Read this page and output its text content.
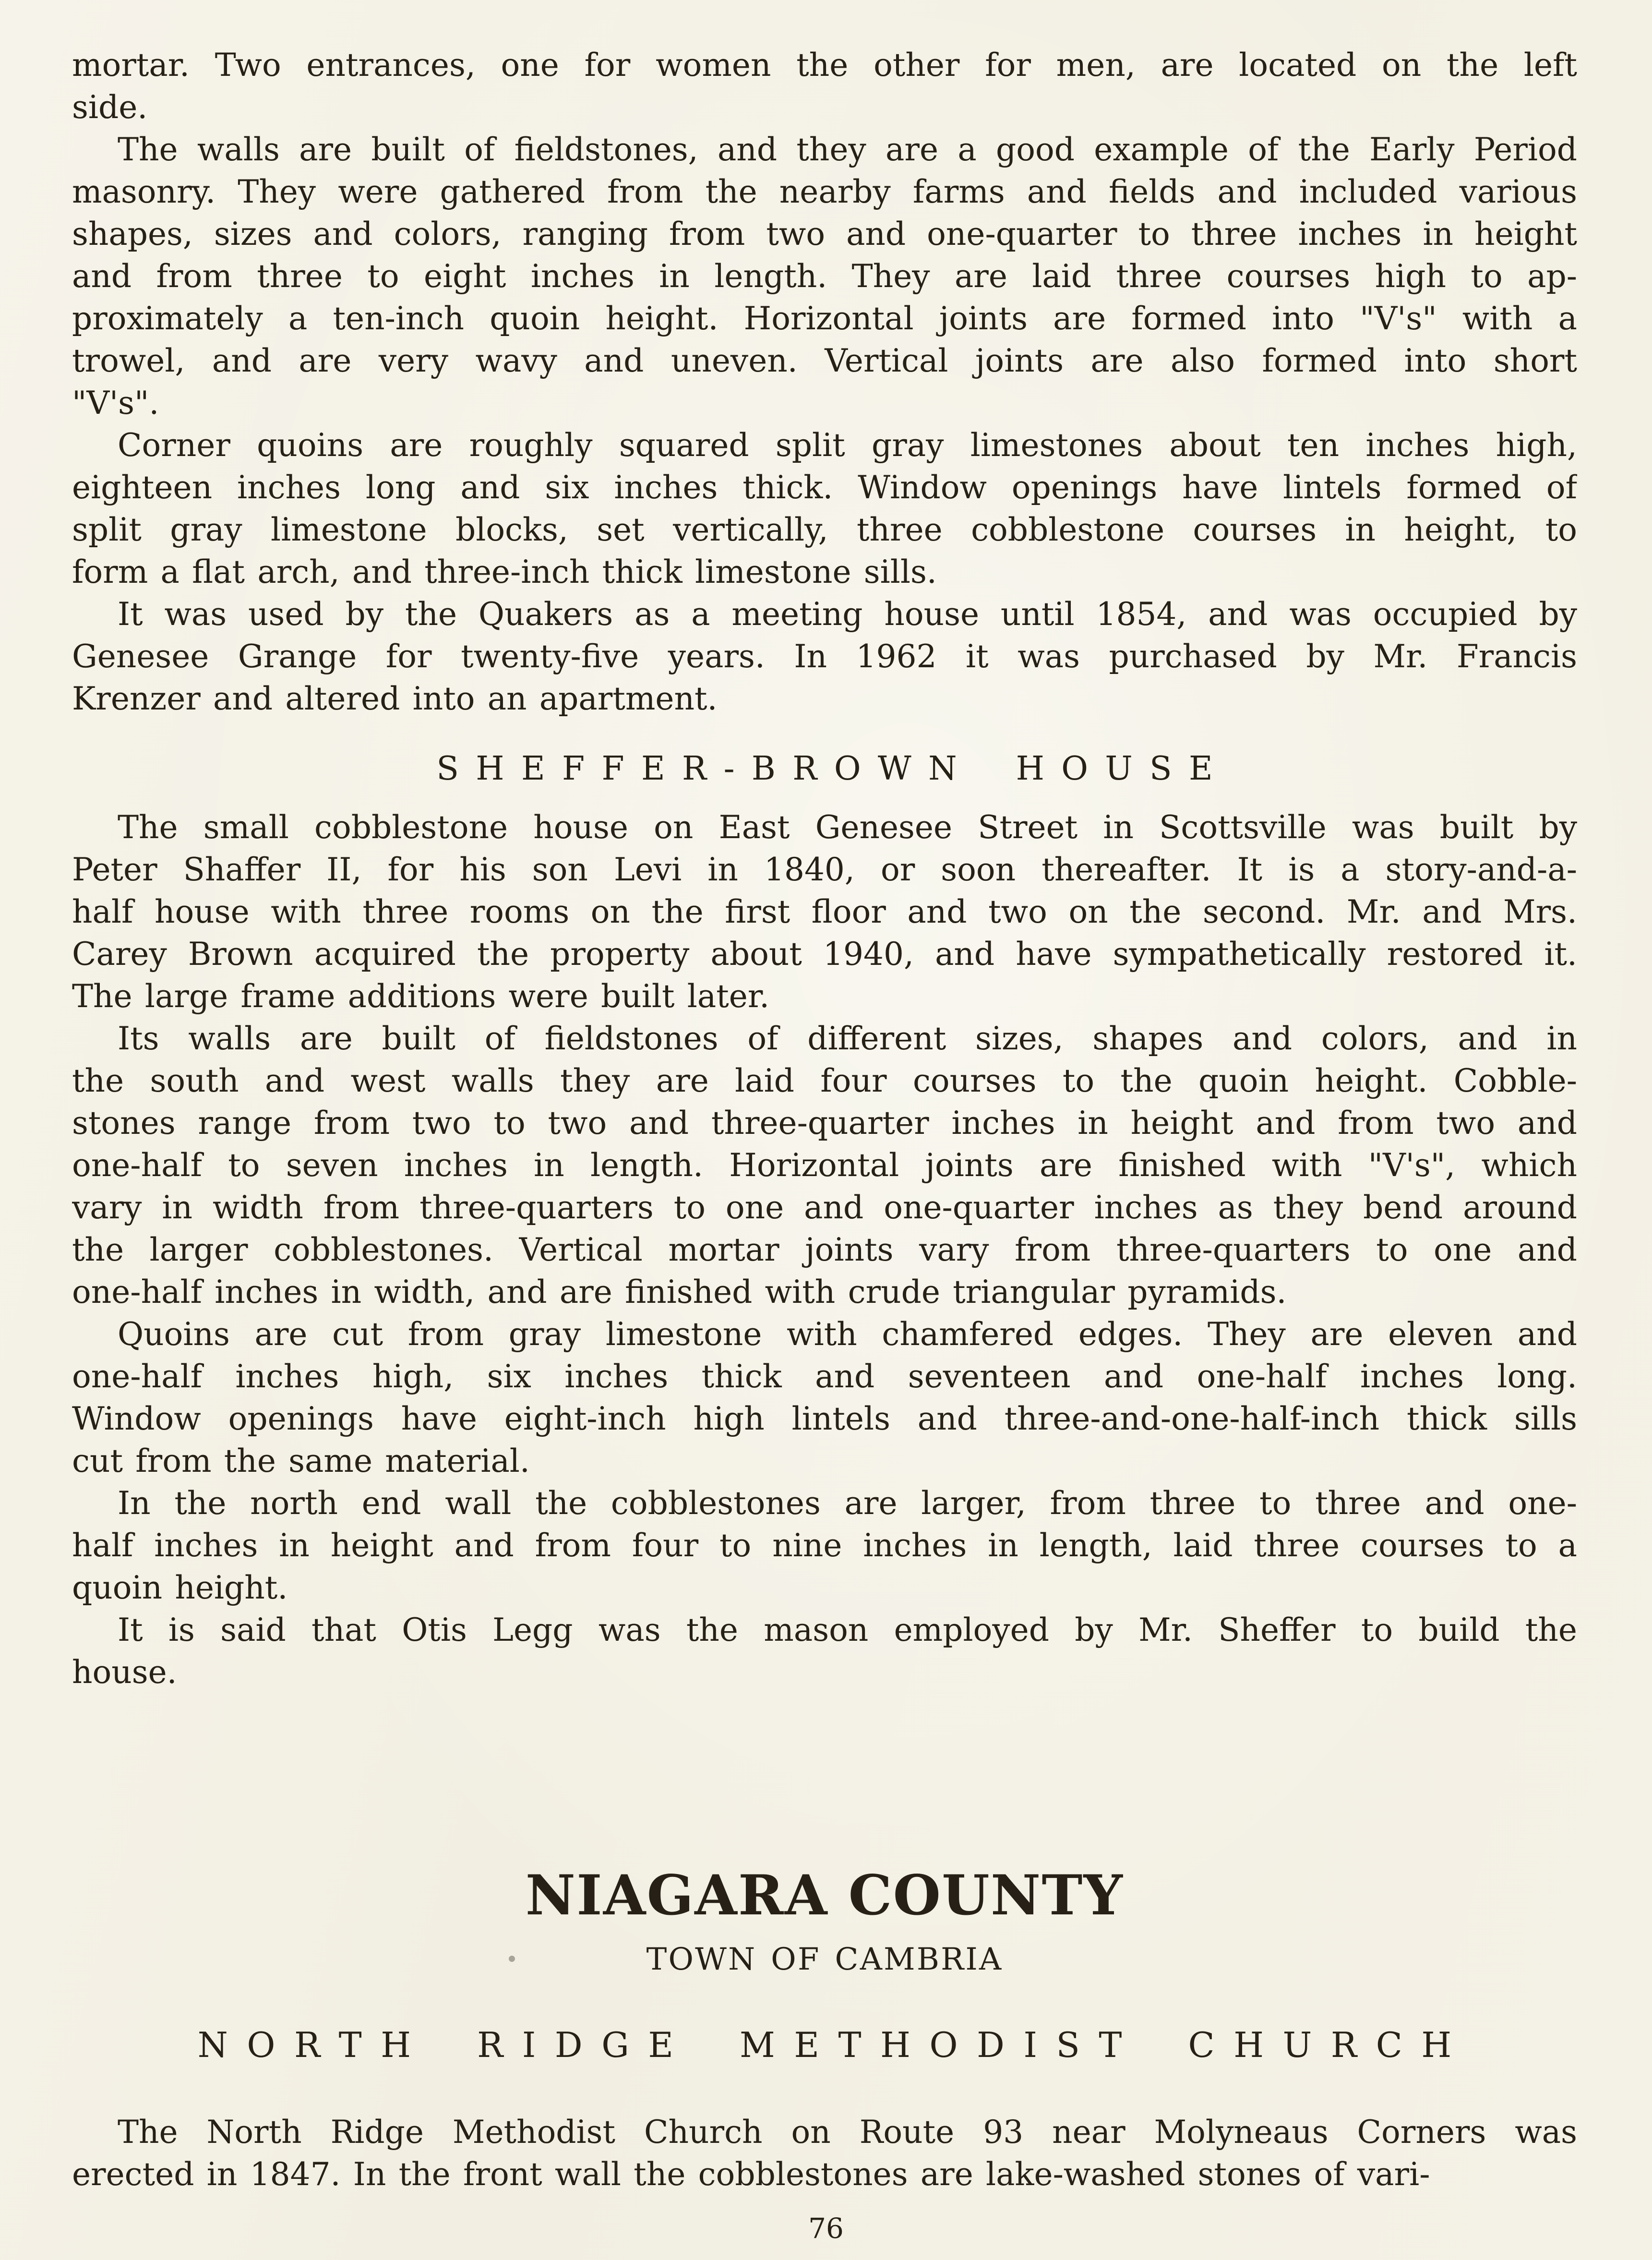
mortar. Two entrances, one for women the other for men, are located on the left
side.
The walls are built of fieldstones, and they are a good example of the Early Period
masonry. They were gathered from the nearby farms and fields and included various
shapes, sizes and colors, ranging from two and one-quarter to three inches in height
and from three to eight inches in length. They are laid three courses high to ap-
proximately a ten-inch quoin height. Horizontal joints are formed into "V's" with a
trowel, and are very wavy and uneven. Vertical joints are also formed into short
"V's".
Corner quoins are roughly squared split gray limestones about ten inches high,
eighteen inches long and six inches thick. Window openings have lintels formed of
split gray limestone blocks, set vertically, three cobblestone courses in height, to
form a flat arch, and three-inch thick limestone sills.
It was used by the Quakers as a meeting house until 1854, and was occupied by
Genesee Grange for twenty-five years. In 1962 it was purchased by Mr. Francis
Krenzer and altered into an apartment.
SHEFFER-BROWN HOUSE
The small cobblestone house on East Genesee Street in Scottsville was built by
Peter Shaffer II, for his son Levi in 1840, or soon thereafter. It is a story-and-a-
half house with three rooms on the first floor and two on the second. Mr. and Mrs.
Carey Brown acquired the property about 1940, and have sympathetically restored it.
The large frame additions were built later.
Its walls are built of fieldstones of different sizes, shapes and colors, and in
the south and west walls they are laid four courses to the quoin height. Cobble-
stones range from two to two and three-quarter inches in height and from two and
one-half to seven inches in length. Horizontal joints are finished with "V's", which
vary in width from three-quarters to one and one-quarter inches as they bend around
the larger cobblestones. Vertical mortar joints vary from three-quarters to one and
one-half inches in width, and are finished with crude triangular pyramids.
Quoins are cut from gray limestone with chamfered edges. They are eleven and
one-half inches high, six inches thick and seventeen and one-half inches long.
Window openings have eight-inch high lintels and three-and-one-half-inch thick sills
cut from the same material.
In the north end wall the cobblestones are larger, from three to three and one-
half inches in height and from four to nine inches in length, laid three courses to a
quoin height.
It is said that Otis Legg was the mason employed by Mr. Sheffer to build the
house.
NIAGARA COUNTY
TOWN OF CAMBRIA
NORTH RIDGE METHODIST CHURCH
The North Ridge Methodist Church on Route 93 near Molyneaus Corners was
erected in 1847. In the front wall the cobblestones are lake-washed stones of vari-
76
